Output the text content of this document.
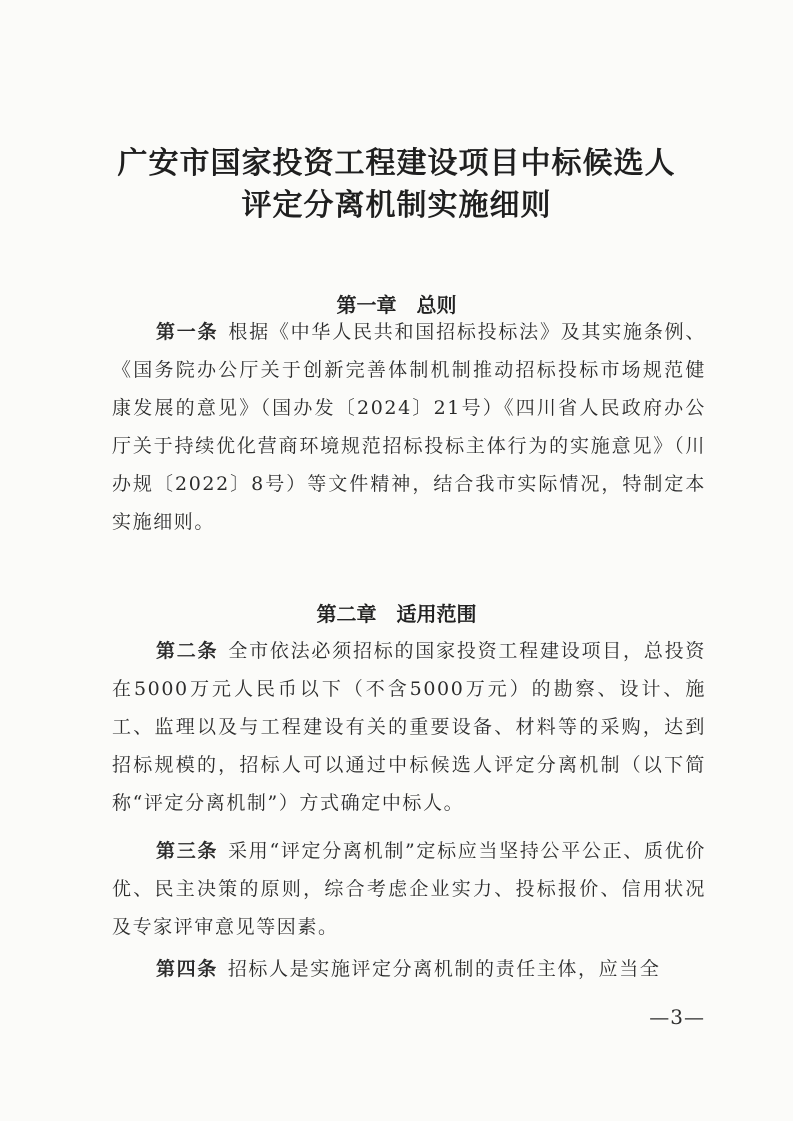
广安市国家投资工程建设项目中标候选人
评定分离机制实施细则
第一章　总则

第一条 根据《中华人民共和国招标投标法》及其实施条例、《国务院办公厅关于创新完善体制机制推动招标投标市场规范健康发展的意见》（国办发〔2024〕21号）《四川省人民政府办公厅关于持续优化营商环境规范招标投标主体行为的实施意见》（川办规〔2022〕8号）等文件精神，结合我市实际情况，特制定本实施细则。

第二章　适用范围

第二条 全市依法必须招标的国家投资工程建设项目，总投资在5000万元人民币以下（不含5000万元）的勘察、设计、施工、监理以及与工程建设有关的重要设备、材料等的采购，达到招标规模的，招标人可以通过中标候选人评定分离机制（以下简称“评定分离机制”）方式确定中标人。

第三条 采用“评定分离机制”定标应当坚持公平公正、质优价优、民主决策的原则，综合考虑企业实力、投标报价、信用状况及专家评审意见等因素。

第四条 招标人是实施评定分离机制的责任主体，应当全

—3—
